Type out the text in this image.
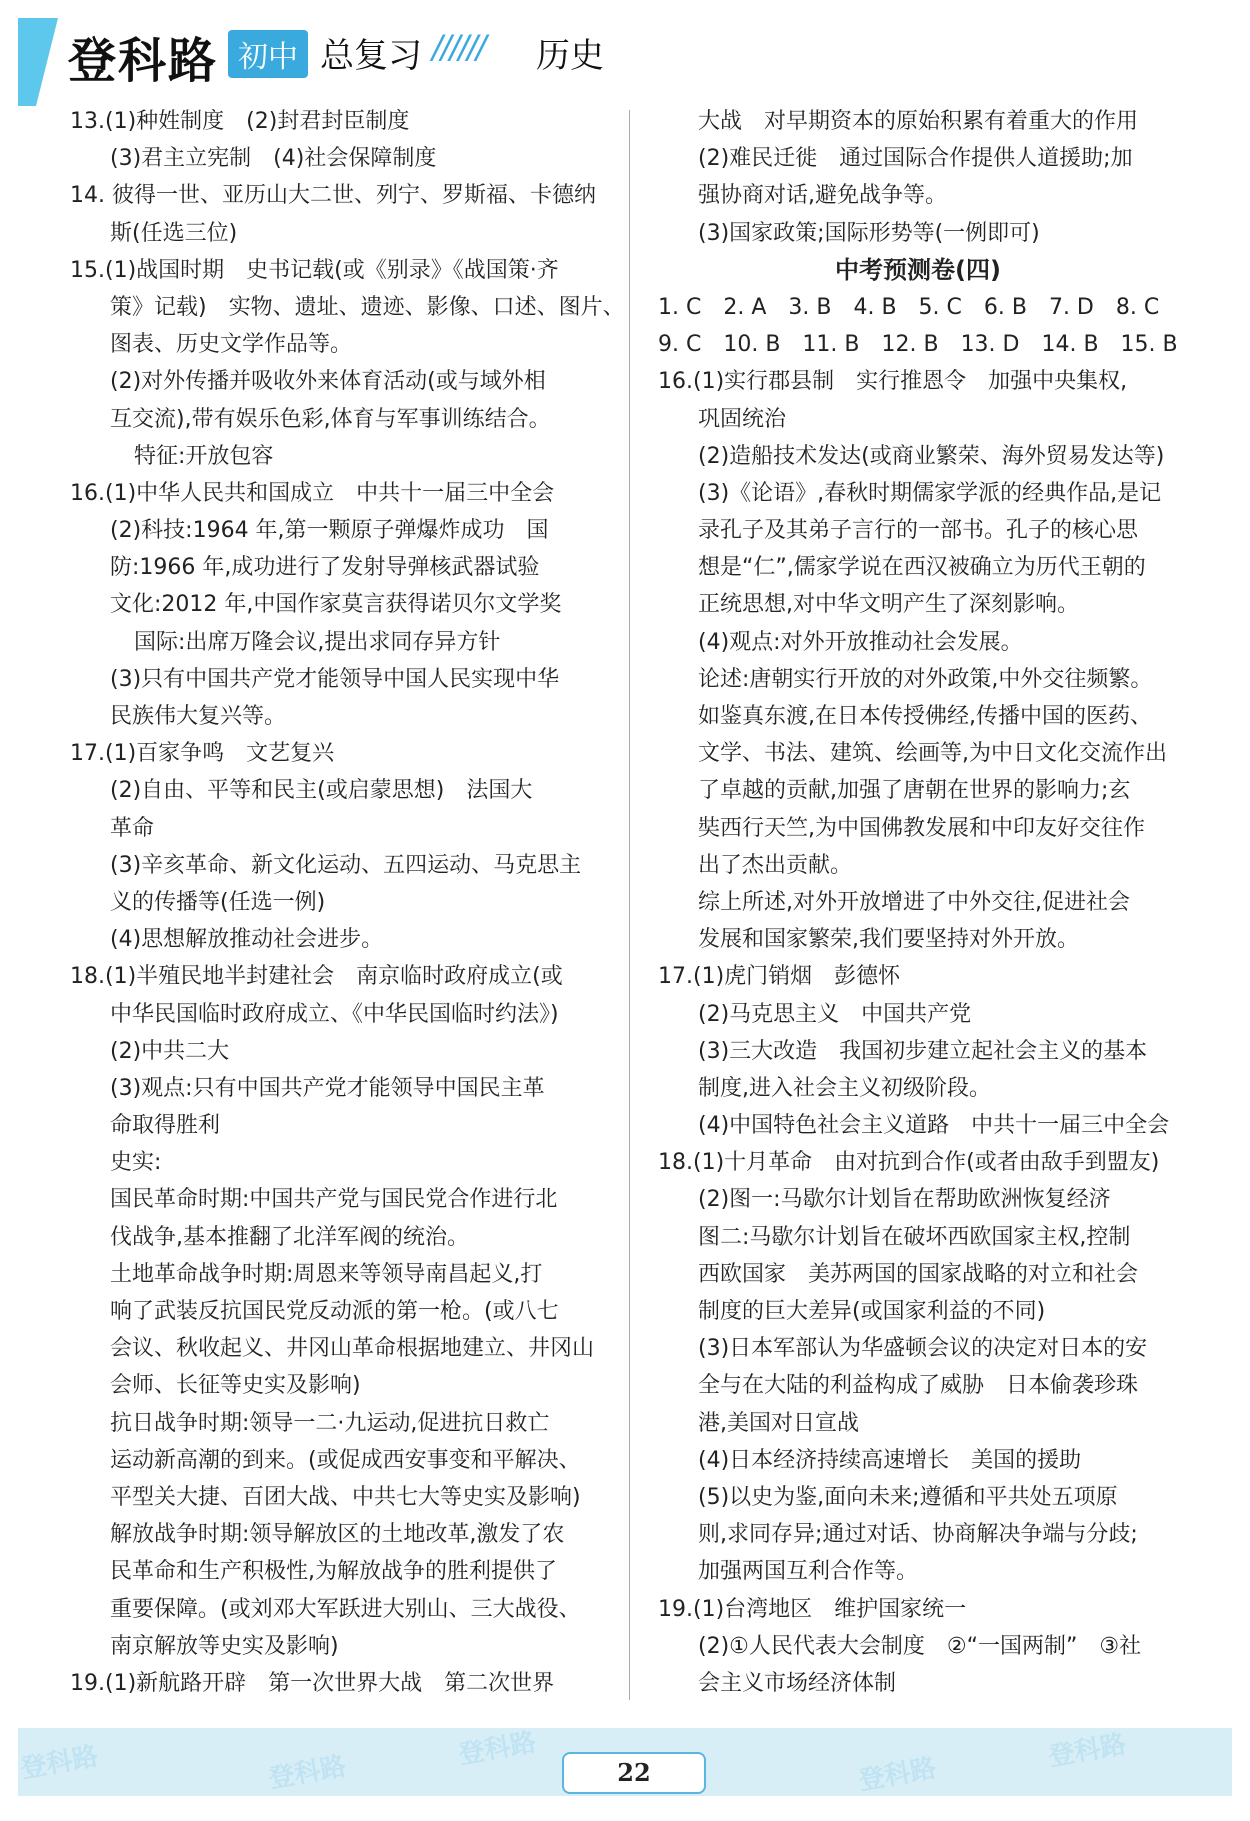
登科路 初中 总复习 ////// 历史
13.(1)种姓制度　(2)封君封臣制度
(3)君主立宪制　(4)社会保障制度
14. 彼得一世、亚历山大二世、列宁、罗斯福、卡德纳
斯(任选三位)
15.(1)战国时期　史书记载(或《别录》《战国策·齐
策》记载)　实物、遗址、遗迹、影像、口述、图片、
图表、历史文学作品等。
(2)对外传播并吸收外来体育活动(或与域外相
互交流),带有娱乐色彩,体育与军事训练结合。
特征:开放包容
16.(1)中华人民共和国成立　中共十一届三中全会
(2)科技:1964 年,第一颗原子弹爆炸成功　国
防:1966 年,成功进行了发射导弹核武器试验
文化:2012 年,中国作家莫言获得诺贝尔文学奖
国际:出席万隆会议,提出求同存异方针
(3)只有中国共产党才能领导中国人民实现中华
民族伟大复兴等。
17.(1)百家争鸣　文艺复兴
(2)自由、平等和民主(或启蒙思想)　法国大
革命
(3)辛亥革命、新文化运动、五四运动、马克思主
义的传播等(任选一例)
(4)思想解放推动社会进步。
18.(1)半殖民地半封建社会　南京临时政府成立(或
中华民国临时政府成立、《中华民国临时约法》)
(2)中共二大
(3)观点:只有中国共产党才能领导中国民主革
命取得胜利
史实:
国民革命时期:中国共产党与国民党合作进行北
伐战争,基本推翻了北洋军阀的统治。
土地革命战争时期:周恩来等领导南昌起义,打
响了武装反抗国民党反动派的第一枪。(或八七
会议、秋收起义、井冈山革命根据地建立、井冈山
会师、长征等史实及影响)
抗日战争时期:领导一二·九运动,促进抗日救亡
运动新高潮的到来。(或促成西安事变和平解决、
平型关大捷、百团大战、中共七大等史实及影响)
解放战争时期:领导解放区的土地改革,激发了农
民革命和生产积极性,为解放战争的胜利提供了
重要保障。(或刘邓大军跃进大别山、三大战役、
南京解放等史实及影响)
19.(1)新航路开辟　第一次世界大战　第二次世界
大战　对早期资本的原始积累有着重大的作用
(2)难民迁徙　通过国际合作提供人道援助;加
强协商对话,避免战争等。
(3)国家政策;国际形势等(一例即可)
中考预测卷(四)
1. C　2. A　3. B　4. B　5. C　6. B　7. D　8. C
9. C　10. B　11. B　12. B　13. D　14. B　15. B
16.(1)实行郡县制　实行推恩令　加强中央集权,
巩固统治
(2)造船技术发达(或商业繁荣、海外贸易发达等)
(3)《论语》,春秋时期儒家学派的经典作品,是记
录孔子及其弟子言行的一部书。孔子的核心思
想是“仁”,儒家学说在西汉被确立为历代王朝的
正统思想,对中华文明产生了深刻影响。
(4)观点:对外开放推动社会发展。
论述:唐朝实行开放的对外政策,中外交往频繁。
如鉴真东渡,在日本传授佛经,传播中国的医药、
文学、书法、建筑、绘画等,为中日文化交流作出
了卓越的贡献,加强了唐朝在世界的影响力;玄
奘西行天竺,为中国佛教发展和中印友好交往作
出了杰出贡献。
综上所述,对外开放增进了中外交往,促进社会
发展和国家繁荣,我们要坚持对外开放。
17.(1)虎门销烟　彭德怀
(2)马克思主义　中国共产党
(3)三大改造　我国初步建立起社会主义的基本
制度,进入社会主义初级阶段。
(4)中国特色社会主义道路　中共十一届三中全会
18.(1)十月革命　由对抗到合作(或者由敌手到盟友)
(2)图一:马歇尔计划旨在帮助欧洲恢复经济
图二:马歇尔计划旨在破坏西欧国家主权,控制
西欧国家　美苏两国的国家战略的对立和社会
制度的巨大差异(或国家利益的不同)
(3)日本军部认为华盛顿会议的决定对日本的安
全与在大陆的利益构成了威胁　日本偷袭珍珠
港,美国对日宣战
(4)日本经济持续高速增长　美国的援助
(5)以史为鉴,面向未来;遵循和平共处五项原
则,求同存异;通过对话、协商解决争端与分歧;
加强两国互利合作等。
19.(1)台湾地区　维护国家统一
(2)①人民代表大会制度　②“一国两制”　③社
会主义市场经济体制
登科路	登科路
登科路	登科路
登科路
22
